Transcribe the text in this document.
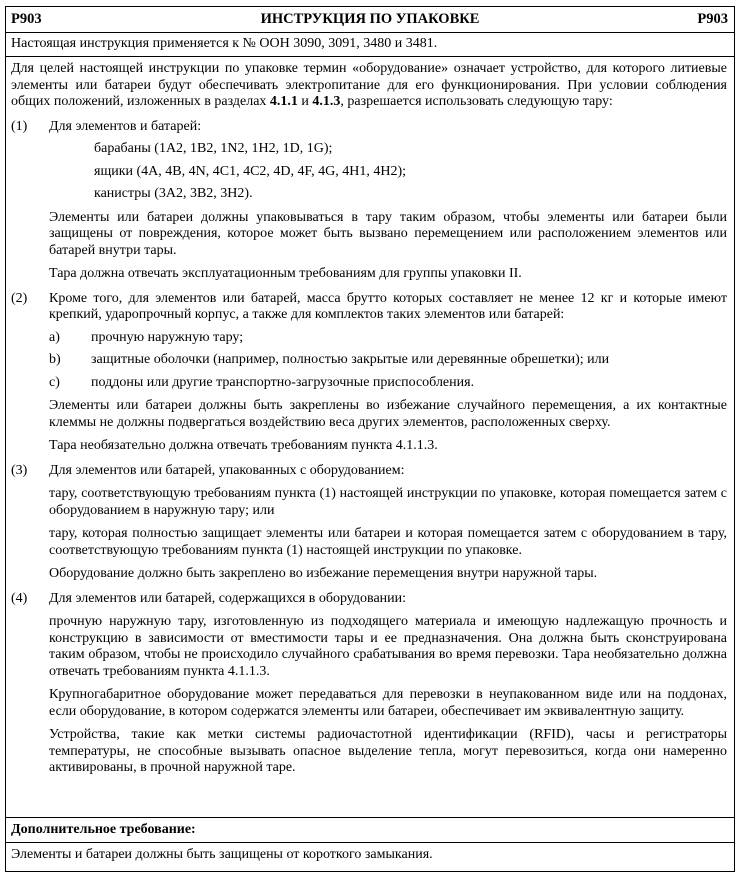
P903	ИНСТРУКЦИЯ ПО УПАКОВКЕ	P903
Настоящая инструкция применяется к № ООН 3090, 3091, 3480 и 3481.

Для целей настоящей инструкции по упаковке термин «оборудование» означает устройство, для которого литиевые элементы или батареи будут обеспечивать электропитание для его функционирования. При условии соблюдения общих положений, изложенных в разделах 4.1.1 и 4.1.3, разрешается использовать следующую тару:

(1) Для элементов и батарей:

барабаны (1A2, 1B2, 1N2, 1H2, 1D, 1G);

ящики (4A, 4B, 4N, 4C1, 4C2, 4D, 4F, 4G, 4H1, 4H2);

канистры (3A2, 3B2, 3H2).

Элементы или батареи должны упаковываться в тару таким образом, чтобы элементы или батареи были защищены от повреждения, которое может быть вызвано перемещением или расположением элементов или батарей внутри тары.

Тара должна отвечать эксплуатационным требованиям для группы упаковки II.

(2) Кроме того, для элементов или батарей, масса брутто которых составляет не менее 12 кг и которые имеют крепкий, ударопрочный корпус, а также для комплектов таких элементов или батарей:

a) прочную наружную тару;
b) защитные оболочки (например, полностью закрытые или деревянные обрешетки); или
c) поддоны или другие транспортно-загрузочные приспособления.

Элементы или батареи должны быть закреплены во избежание случайного перемещения, а их контактные клеммы не должны подвергаться воздействию веса других элементов, расположенных сверху.

Тара необязательно должна отвечать требованиям пункта 4.1.1.3.

(3) Для элементов или батарей, упакованных с оборудованием:

тару, соответствующую требованиям пункта (1) настоящей инструкции по упаковке, которая помещается затем с оборудованием в наружную тару; или

тару, которая полностью защищает элементы или батареи и которая помещается затем с оборудованием в тару, соответствующую требованиям пункта (1) настоящей инструкции по упаковке.

Оборудование должно быть закреплено во избежание перемещения внутри наружной тары.

(4) Для элементов или батарей, содержащихся в оборудовании:

прочную наружную тару, изготовленную из подходящего материала и имеющую надлежащую прочность и конструкцию в зависимости от вместимости тары и ее предназначения. Она должна быть сконструирована таким образом, чтобы не происходило случайного срабатывания во время перевозки. Тара необязательно должна отвечать требованиям пункта 4.1.1.3.

Крупногабаритное оборудование может передаваться для перевозки в неупакованном виде или на поддонах, если оборудование, в котором содержатся элементы или батареи, обеспечивает им эквивалентную защиту.

Устройства, такие как метки системы радиочастотной идентификации (RFID), часы и регистраторы температуры, не способные вызывать опасное выделение тепла, могут перевозиться, когда они намеренно активированы, в прочной наружной таре.

Дополнительное требование:
Элементы и батареи должны быть защищены от короткого замыкания.
